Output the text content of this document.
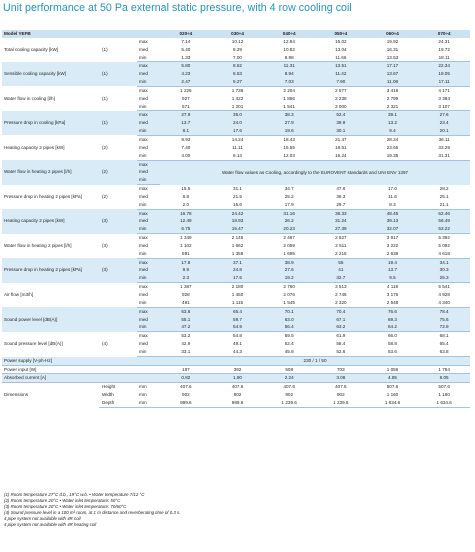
Unit performance at 50 Pa external static pressure, with 4 row cooling coil
Model YEFB			020÷4	030÷4	040÷4	050÷4	060÷4	070÷4
Total cooling capacity [kW]	(1)	max	7.14	10.12	12.84	15.02	19.92	24.31
		med	5.40	8.29	10.82	13.04	16.31	19.72
		min	1.33	7.00	8.98	11.66	13.53	18.11
Sensible cooling capacity [kW]	(1)	max	5.80	8.62	11.31	13.51	17.17	22.34
		med	4.23	6.53	8.94	11.42	13.67	19.05
		min	2.47	5.27	7.03	7.90	11.08	17.11
Water flow in cooling [l/h]	(1)	max	1 225	1 736	2 204	2 577	3 418	4 171
		med	927	1 422	1 856	2 238	2 799	3 384
		min	571	1 201	1 541	2 000	2 321	3 107
Pressure drop in cooling [kPa]	(1)	max	27.9	35.0	38.3	52.4	39.1	27.6
		med	13.7	24.0	27.9	39.9	13.2	23.4
		min	8.1	17.6	19.6	30.1	9.4	20.1
Heating capacity 2 pipes [kW]	(2)	max	9.93	14.24	18.43	21.47	28.24	36.11
		med	7.40	11.11	15.55	18.51	23.65	33.29
		min	4.00	9.13	12.03	16.24	19.35	31.31
Water flow in heating 2 pipes [l/h]	(2)	max	Water flow values as Cooling, accordingly to the EUROVENT standards and UNI ENV 1397					
		med						
		min						
Pressure drop in heating 2 pipes [kPa]	(2)	max	15.5	31.1	34.7	47.6	17.0	28.2
		med	8.8	21.5	25.2	36.3	11.6	25.1
		min	2.0	15.6	17.9	29.7	8.3	21.1
Heating capacity 2 pipes [kW]	(3)	max	16.78	24.42	31.16	36.33	48.45	62.46
		med	12.49	18.93	26.2	31.24	39.13	56.49
		min	6.75	15.47	20.23	27.39	32.07	53.22
Water flow in heating 2 pipes [l/h]	(3)	max	1 349	2 145	2 467	2 927	3 917	5 392
		med	1 102	1 662	2 059	2 511	3 222	5 092
		min	591	1 359	1 695	2 216	2 638	4 618
Pressure drop in heating 2 pipes [kPa]	(3)	max	17.8	37.1	38.9	55	19.4	34.1
		med	9.9	24.8	27.6	41	13.7	30.3
		min	2.3	17.5	19.2	32.7	9.5	25.3
Air flow [m3/h]		max	1 387	2 180	2 760	3 513	4 118	5 541
		med	928	1 450	2 076	2 746	3 176	4 928
		min	491	1 115	1 545	2 320	2 548	4 340
Sound power level [dB(A)]		max	63.8	65.4	70.1	70.4	76.6	78.4
		med	55.1	59.7	63.0	67.1	69.3	75.6
		min	47.2	54.9	56.4	63.2	64.2	72.9
Sound pressure level [dB(A)]	(4)	max	53.2	54.8	59.5	61.9	66.0	68.1
		med	42.9	49.1	52.4	58.4	58.8	65.4
		min	33.1	44.3	45.8	52.6	53.6	63.8
Power supply [V-ph-Hz]			230 / 1 / 50					
Power input [W]			187	392	508	703	1 056	1 784
Absorbed current [A]			0.82	1.80	2.24	3.08	4.85	8.05
Dimensions	Height	mm	407.6	407.6	407.6	407.6	507.6	507.6
	Width	mm	902	902	902	902	1 160	1 160
	Depth	mm	989.6	989.6	1 239.6	1 239.6	1 634.6	1 634.6
(1) Room temperature 27°C d.b., 19°C w.b. • Water temperature 7/12 °C
(2) Room temperature 20°C • Water inlet temperature: 50°C
(3) Room temperature 20°C • Water inlet temperature: 70/60°C
(4) Sound pressure level in a 100 m³ room, at 1 m distance and reverberating time of 0.3 s.
4 pipe system not available with 4R coil
4 pipe system not available with 4R heating coil
